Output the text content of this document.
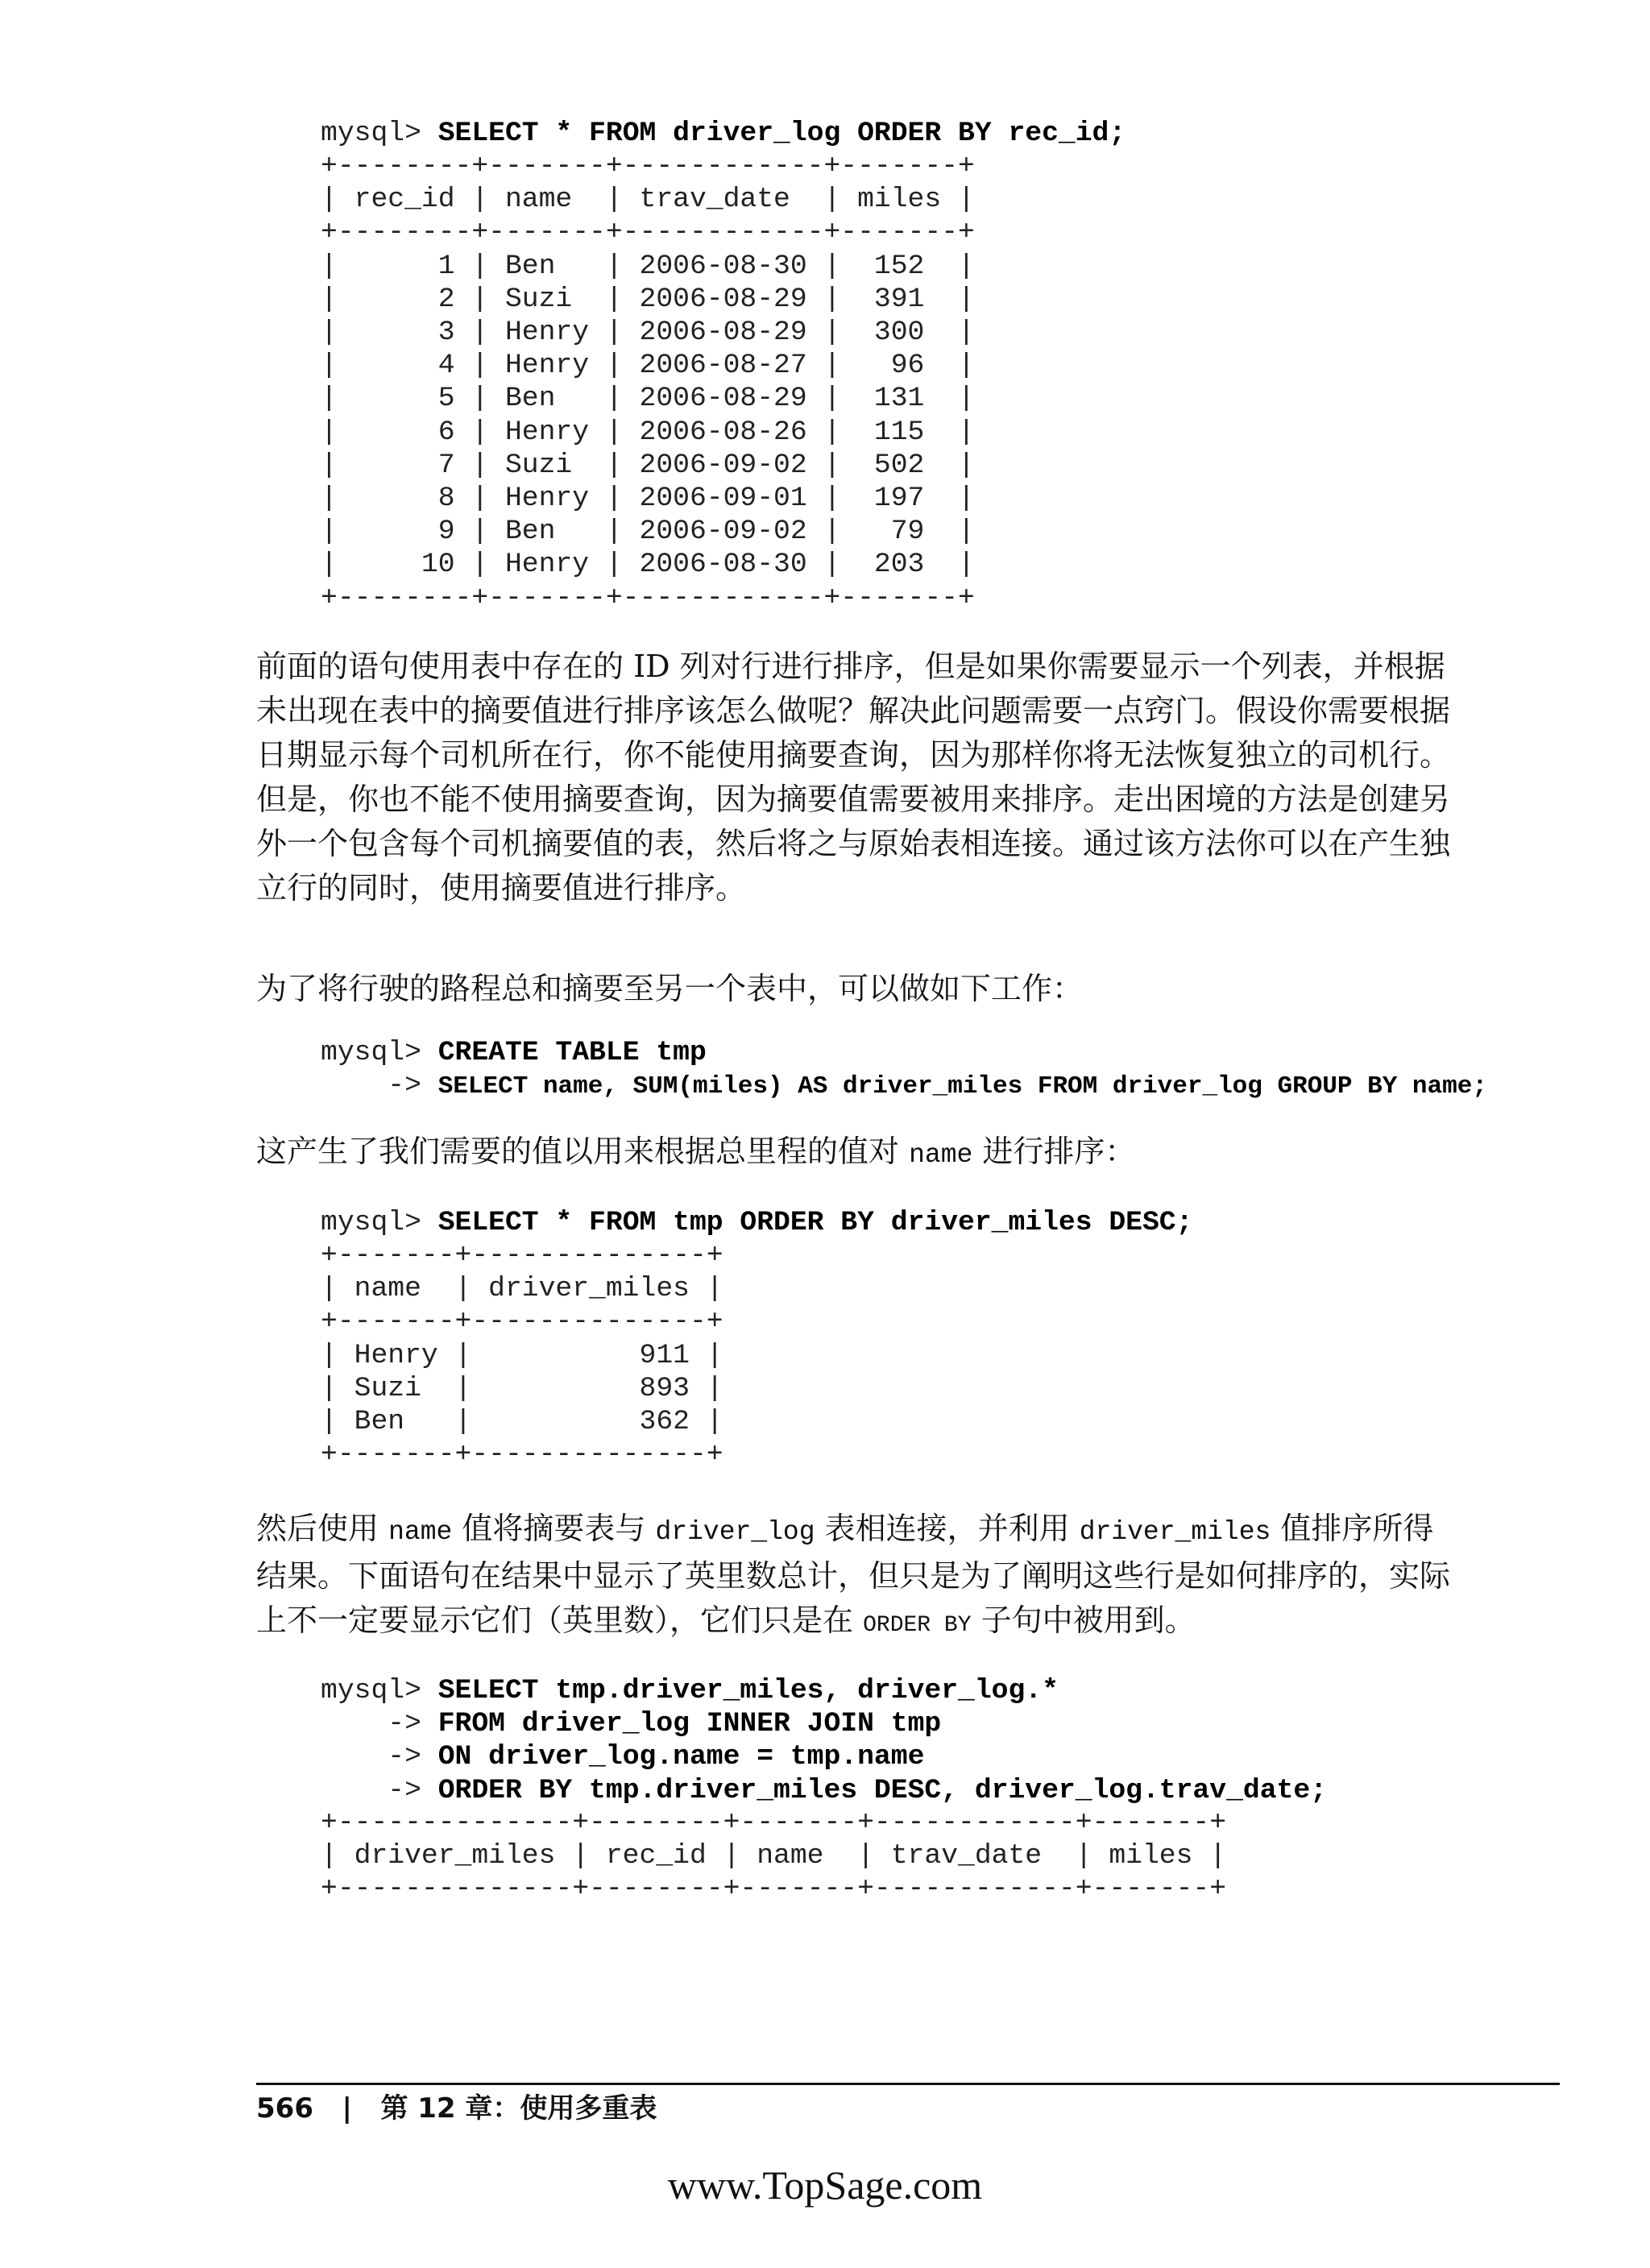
mysql> SELECT * FROM driver_log ORDER BY rec_id;
+--------+-------+------------+-------+
| rec_id | name  | trav_date  | miles |
+--------+-------+------------+-------+
|      1 | Ben   | 2006-08-30 |  152  |
|      2 | Suzi  | 2006-08-29 |  391  |
|      3 | Henry | 2006-08-29 |  300  |
|      4 | Henry | 2006-08-27 |   96  |
|      5 | Ben   | 2006-08-29 |  131  |
|      6 | Henry | 2006-08-26 |  115  |
|      7 | Suzi  | 2006-09-02 |  502  |
|      8 | Henry | 2006-09-01 |  197  |
|      9 | Ben   | 2006-09-02 |   79  |
|     10 | Henry | 2006-08-30 |  203  |
+--------+-------+------------+-------+
前面的语句使用表中存在的 ID 列对行进行排序，但是如果你需要显示一个列表，并根据
未出现在表中的摘要值进行排序该怎么做呢？解决此问题需要一点窍门。假设你需要根据
日期显示每个司机所在行，你不能使用摘要查询，因为那样你将无法恢复独立的司机行。
但是，你也不能不使用摘要查询，因为摘要值需要被用来排序。走出困境的方法是创建另
外一个包含每个司机摘要值的表，然后将之与原始表相连接。通过该方法你可以在产生独
立行的同时，使用摘要值进行排序。
为了将行驶的路程总和摘要至另一个表中，可以做如下工作：
mysql> CREATE TABLE tmp
-> SELECT name, SUM(miles) AS driver_miles FROM driver_log GROUP BY name;
这产生了我们需要的值以用来根据总里程的值对 name 进行排序：
mysql> SELECT * FROM tmp ORDER BY driver_miles DESC;
+-------+--------------+
| name  | driver_miles |
+-------+--------------+
| Henry |          911 |
| Suzi  |          893 |
| Ben   |          362 |
+-------+--------------+
然后使用 name 值将摘要表与 driver_log 表相连接，并利用 driver_miles 值排序所得
结果。下面语句在结果中显示了英里数总计，但只是为了阐明这些行是如何排序的，实际
上不一定要显示它们（英里数），它们只是在 ORDER BY 子句中被用到。
mysql> SELECT tmp.driver_miles, driver_log.*
-> FROM driver_log INNER JOIN tmp
-> ON driver_log.name = tmp.name
-> ORDER BY tmp.driver_miles DESC, driver_log.trav_date;
+--------------+--------+-------+------------+-------+
| driver_miles | rec_id | name  | trav_date  | miles |
+--------------+--------+-------+------------+-------+
566 | 第 12 章：使用多重表
www.TopSage.com
